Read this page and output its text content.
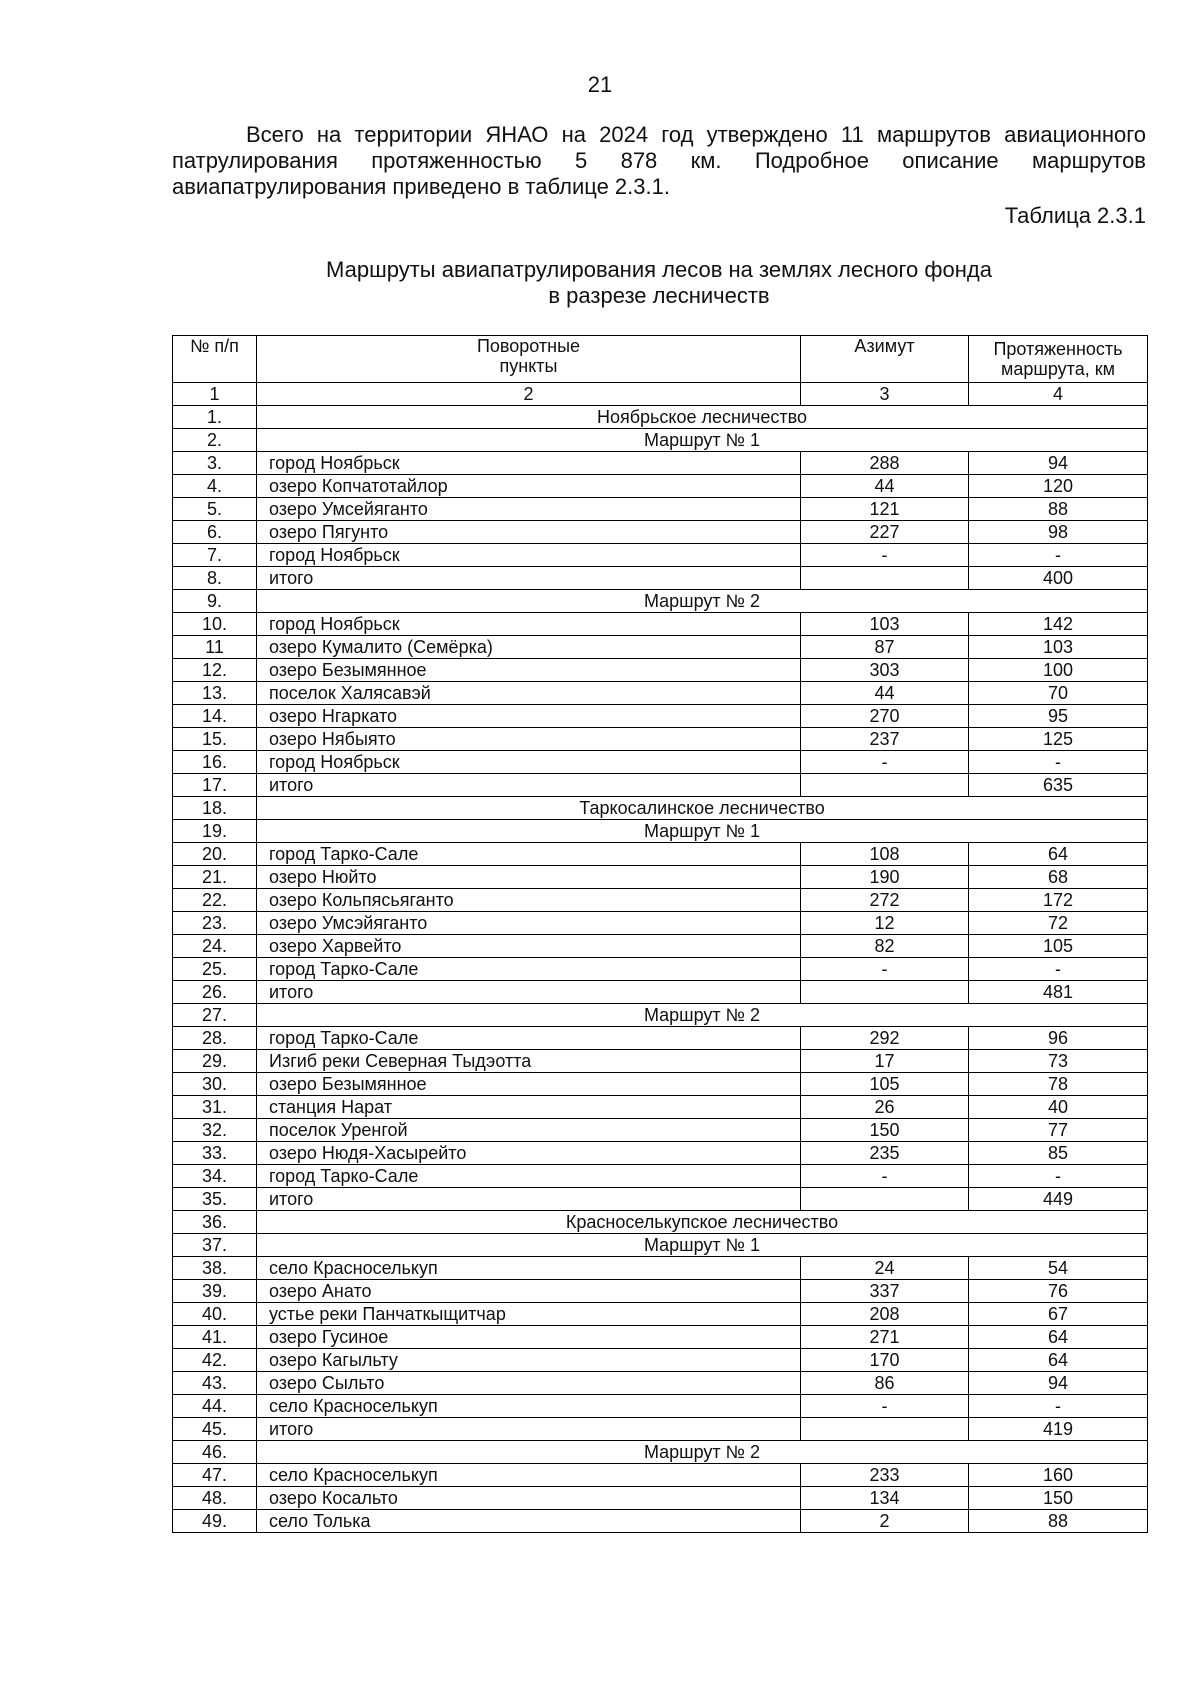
21

Всего на территории ЯНАО на 2024 год утверждено 11 маршрутов авиационного патрулирования протяженностью 5 878 км. Подробное описание маршрутов авиапатрулирования приведено в таблице 2.3.1.

Таблица 2.3.1
Маршруты авиапатрулирования лесов на землях лесного фонда
в разрезе лесничеств
№ п/п	Поворотные пункты	Азимут	Протяженность маршрута, км
1	2	3	4
1.	Ноябрьское лесничество		
2.	Маршрут № 1		
3.	город Ноябрьск	288	94
4.	озеро Копчатотайлор	44	120
5.	озеро Умсейяганто	121	88
6.	озеро Пягунто	227	98
7.	город Ноябрьск	-	-
8.	итого		400
9.	Маршрут № 2		
10.	город Ноябрьск	103	142
11	озеро Кумалито (Семёрка)	87	103
12.	озеро Безымянное	303	100
13.	поселок Халясавэй	44	70
14.	озеро Нгаркато	270	95
15.	озеро Нябыято	237	125
16.	город Ноябрьск	-	-
17.	итого		635
18.	Таркосалинское лесничество		
19.	Маршрут № 1		
20.	город Тарко-Сале	108	64
21.	озеро Нюйто	190	68
22.	озеро Кольпясьяганто	272	172
23.	озеро Умсэйяганто	12	72
24.	озеро Харвейто	82	105
25.	город Тарко-Сале	-	-
26.	итого		481
27.	Маршрут № 2		
28.	город Тарко-Сале	292	96
29.	Изгиб реки Северная Тыдэотта	17	73
30.	озеро Безымянное	105	78
31.	станция Нарат	26	40
32.	поселок Уренгой	150	77
33.	озеро Нюдя-Хасырейто	235	85
34.	город Тарко-Сале	-	-
35.	итого		449
36.	Красноселькупское лесничество		
37.	Маршрут № 1		
38.	село Красноселькуп	24	54
39.	озеро Анато	337	76
40.	устье реки Панчаткыщитчар	208	67
41.	озеро Гусиное	271	64
42.	озеро Кагыльту	170	64
43.	озеро Сыльто	86	94
44.	село Красноселькуп	-	-
45.	итого		419
46.	Маршрут № 2		
47.	село Красноселькуп	233	160
48.	озеро Косальто	134	150
49.	село Толька	2	88
